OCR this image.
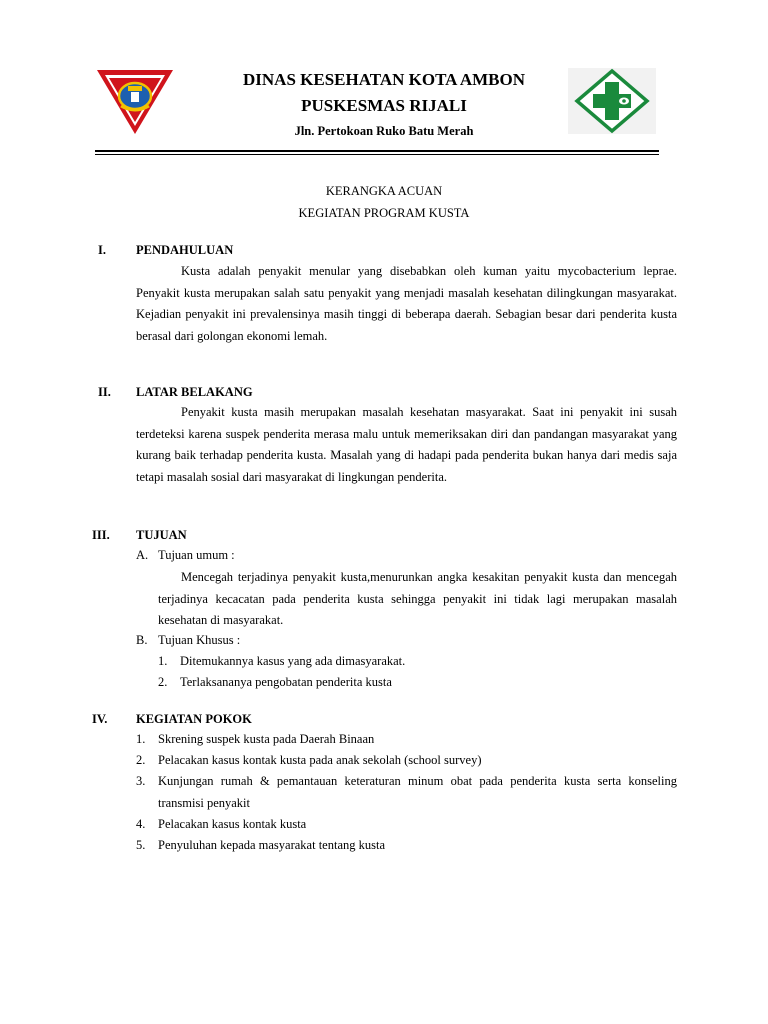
DINAS KESEHATAN KOTA AMBON
PUSKESMAS RIJALI
Jln. Pertokoan Ruko Batu Merah
KERANGKA ACUAN
KEGIATAN PROGRAM KUSTA
I. PENDAHULUAN

Kusta adalah penyakit menular yang disebabkan oleh kuman yaitu mycobacterium leprae. Penyakit kusta merupakan salah satu penyakit yang menjadi masalah kesehatan dilingkungan masyarakat. Kejadian penyakit ini prevalensinya masih tinggi di beberapa daerah. Sebagian besar dari penderita kusta berasal dari golongan ekonomi lemah.

II. LATAR BELAKANG

Penyakit kusta masih merupakan masalah kesehatan masyarakat. Saat ini penyakit ini susah terdeteksi karena suspek penderita merasa malu untuk memeriksakan diri dan pandangan masyarakat yang kurang baik terhadap penderita kusta. Masalah yang di hadapi pada penderita bukan hanya dari medis saja tetapi masalah sosial dari masyarakat di lingkungan penderita.

III. TUJUAN
A. Tujuan umum :

Mencegah terjadinya penyakit kusta,menurunkan angka kesakitan penyakit kusta dan mencegah terjadinya kecacatan pada penderita kusta sehingga penyakit ini tidak lagi merupakan masalah kesehatan di masyarakat.

B. Tujuan Khusus :
1. Ditemukannya kasus yang ada dimasyarakat.
2. Terlaksananya pengobatan penderita kusta
IV. KEGIATAN POKOK
1. Skrening suspek kusta pada Daerah Binaan
2. Pelacakan kasus kontak kusta pada anak sekolah (school survey)
3. Kunjungan rumah & pemantauan keteraturan minum obat pada penderita kusta serta konseling transmisi penyakit
4. Pelacakan kasus kontak kusta
5. Penyuluhan kepada masyarakat tentang kusta
